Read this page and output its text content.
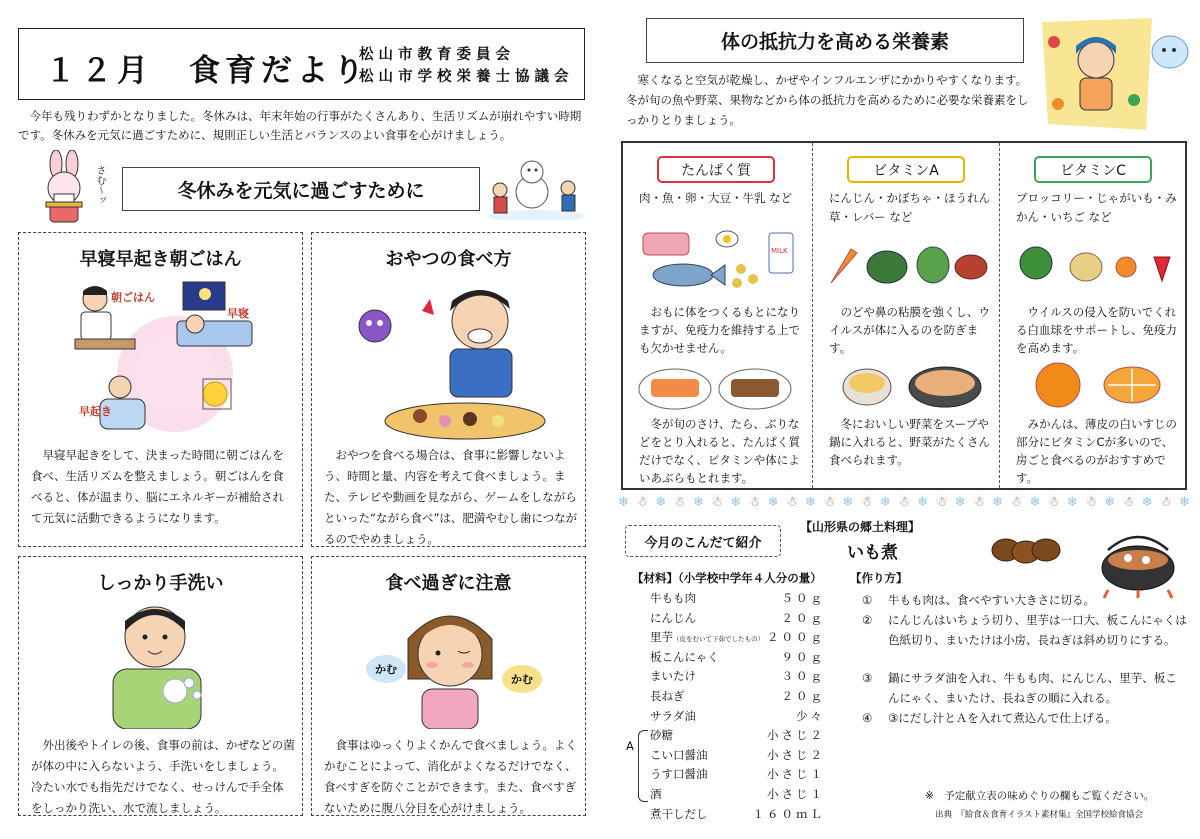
１２月　食育だより
松山市教育委員会
松山市学校栄養士協議会
今年も残りわずかとなりました。冬休みは、年末年始の行事がたくさんあり、生活リズムが崩れやすい時期です。冬休みを元気に過ごすために、規則正しい生活とバランスのよい食事を心がけましょう。
さむ〜ッ	冬休みを元気に過ごすために
早寝早起き朝ごはん
朝ごはん
早寝
早起き
早寝早起きをして、決まった時間に朝ごはんを食べ、生活リズムを整えましょう。朝ごはんを食べると、体が温まり、脳にエネルギーが補給されて元気に活動できるようになります。
おやつの食べ方
おやつを食べる場合は、食事に影響しないよう、時間と量、内容を考えて食べましょう。また、テレビや動画を見ながら、ゲームをしながらといった“ながら食べ”は、肥満やむし歯につながるのでやめましょう。
しっかり手洗い
外出後やトイレの後、食事の前は、かぜなどの菌が体の中に入らないよう、手洗いをしましょう。冷たい水でも指先だけでなく、せっけんで手全体をしっかり洗い、水で流しましょう。
食べ過ぎに注意
かむ
かむ
食事はゆっくりよくかんで食べましょう。よくかむことによって、消化がよくなるだけでなく、食べすぎを防ぐことができます。また、食べすぎないために腹八分目を心がけましょう。
体の抵抗力を高める栄養素
寒くなると空気が乾燥し、かぜやインフルエンザにかかりやすくなります。冬が旬の魚や野菜、果物などから体の抵抗力を高めるために必要な栄養素をしっかりとりましょう。
たんぱく質
肉・魚・卵・大豆・牛乳 など
MILK
おもに体をつくるもとになりますが、免疫力を維持する上でも欠かせません。
冬が旬のさけ、たら、ぶりなどをとり入れると、たんぱく質だけでなく、ビタミンや体によいあぶらもとれます。
ビタミンA
にんじん・かぼちゃ・ほうれん草・レバー など
のどや鼻の粘膜を強くし、ウイルスが体に入るのを防ぎます。
冬においしい野菜をスープや鍋に入れると、野菜がたくさん食べられます。
ビタミンC
ブロッコリー・じゃがいも・みかん・いちご など
ウイルスの侵入を防いでくれる白血球をサポートし、免疫力を高めます。
みかんは、薄皮の白いすじの部分にビタミンCが多いので、房ごと食べるのがおすすめです。
❄ ☃ ❄ ☃ ❄ ☃ ❄ ☃ ❄ ☃ ❄ ☃ ❄ ☃ ❄ ☃ ❄ ☃ ❄ ☃ ❄ ☃ ❄ ☃ ❄ ☃ ❄ ☃ ❄ ☃ ❄
今月のこんだて紹介
【山形県の郷土料理】
いも煮
【材料】（小学校中学年４人分の量）
牛もも肉	５０ｇ
にんじん	２０ｇ
里芋（皮をむいて下茹でしたもの） ２００ｇ
板こんにゃく	９０ｇ
まいたけ	３０ｇ
長ねぎ	２０ｇ
サラダ油	少々
砂糖	小さじ２
こい口醤油	小さじ２
うす口醤油	小さじ１
酒	小さじ１
煮干しだし	１６０ｍＬ
A
【作り方】
① 牛もも肉は、食べやすい大きさに切る。
② にんじんはいちょう切り、里芋は一口大、板こんにゃくは色紙切り、まいたけは小房、長ねぎは斜め切りにする。
③ 鍋にサラダ油を入れ、牛もも肉、にんじん、里芋、板こんにゃく、まいたけ、長ねぎの順に入れる。
④ ③にだし汁とＡを入れて煮込んで仕上げる。
※　予定献立表の味めぐりの欄もご覧ください。
出典　『給食＆食育イラスト素材集』全国学校給食協会
